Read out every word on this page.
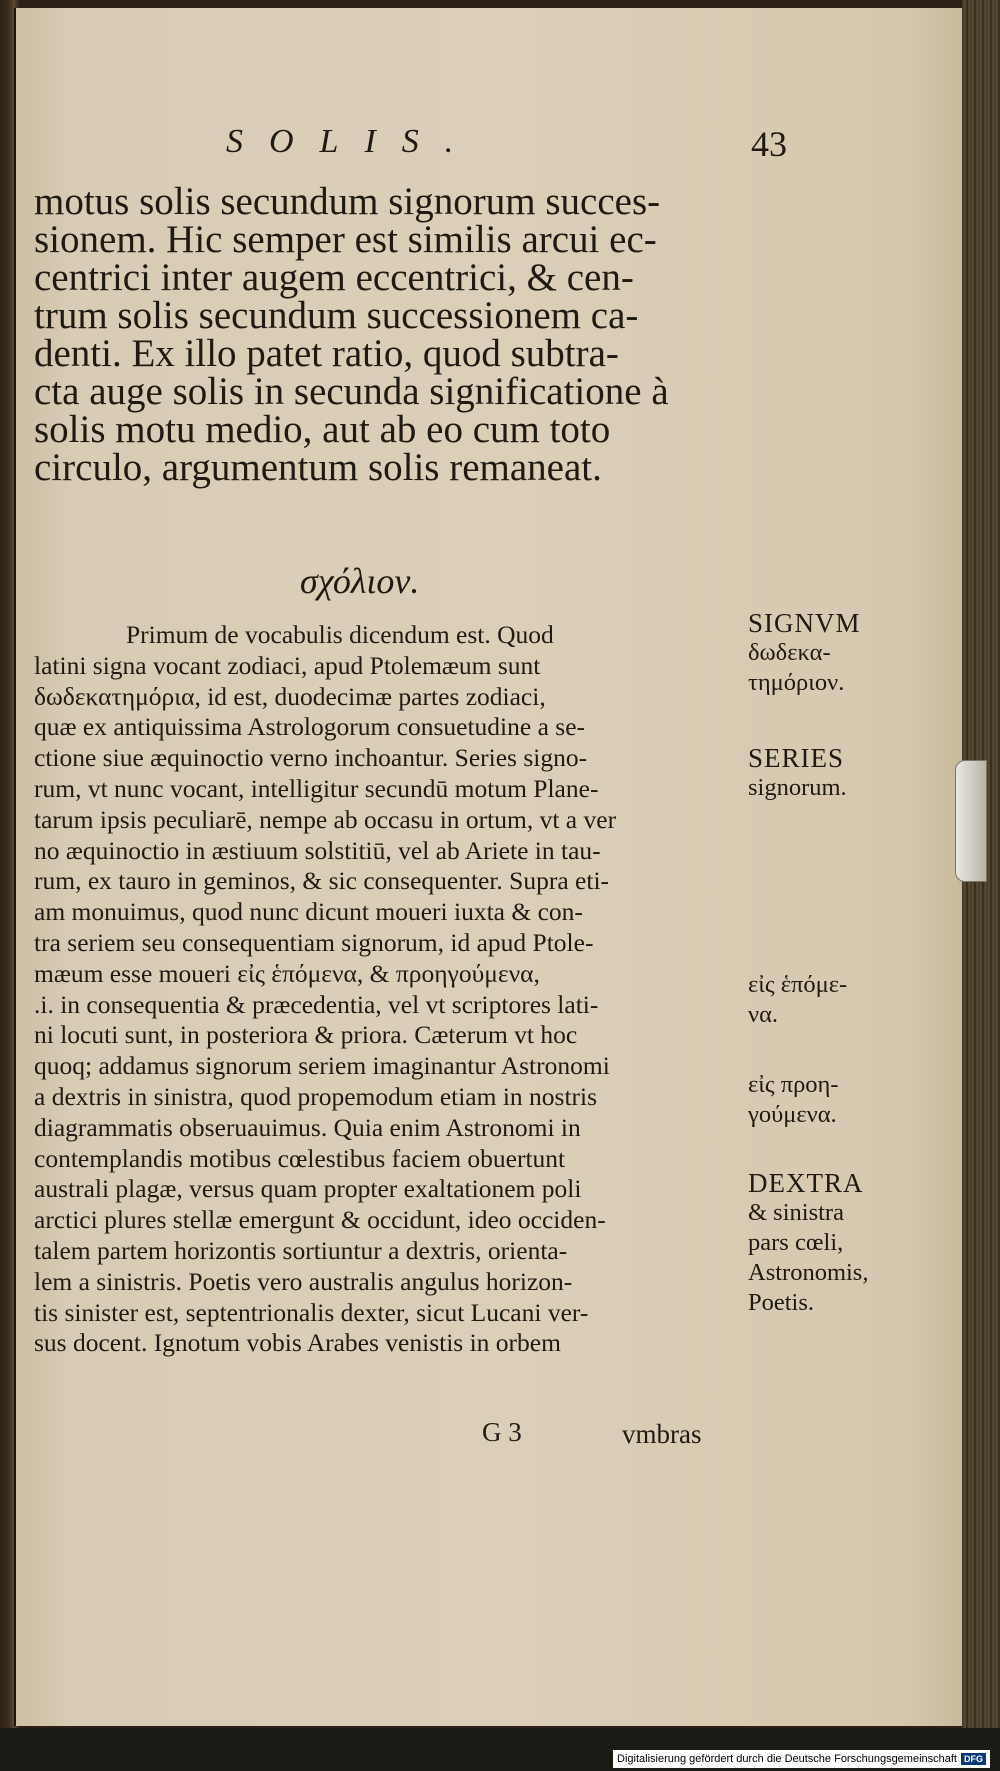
SOLIS.	43
motus solis secundum signorum succes-
sionem. Hic semper est similis arcui ec-
centrici inter augem eccentrici, & cen-
trum solis secundum successionem ca-
denti. Ex illo patet ratio, quod subtra-
cta auge solis in secunda significatione à
solis motu medio, aut ab eo cum toto
circulo, argumentum solis remaneat.
σχόλιον.
Primum de vocabulis dicendum est. Quod
latini signa vocant zodiaci, apud Ptolemæum sunt
δωδεκατημόρια, id est, duodecimæ partes zodiaci,
quæ ex antiquissima Astrologorum consuetudine a se-
ctione siue æquinoctio verno inchoantur. Series signo-
rum, vt nunc vocant, intelligitur secundū motum Plane-
tarum ipsis peculiarē, nempe ab occasu in ortum, vt a ver
no æquinoctio in æstiuum solstitiū, vel ab Ariete in tau-
rum, ex tauro in geminos, & sic consequenter. Supra eti-
am monuimus, quod nunc dicunt moueri iuxta & con-
tra seriem seu consequentiam signorum, id apud Ptole-
mæum esse moueri εἰς ἑπόμενα, & προηγούμενα,
.i. in consequentia & præcedentia, vel vt scriptores lati-
ni locuti sunt, in posteriora & priora. Cæterum vt hoc
quoq; addamus signorum seriem imaginantur Astronomi
a dextris in sinistra, quod propemodum etiam in nostris
diagrammatis obseruauimus. Quia enim Astronomi in
contemplandis motibus cœlestibus faciem obuertunt
australi plagæ, versus quam propter exaltationem poli
arctici plures stellæ emergunt & occidunt, ideo occiden-
talem partem horizontis sortiuntur a dextris, orienta-
lem a sinistris. Poetis vero australis angulus horizon-
tis sinister est, septentrionalis dexter, sicut Lucani ver-
sus docent. Ignotum vobis Arabes venistis in orbem
G 3	vmbras
SIGNVM
δωδεκα-
τημόριον.
SERIES
signorum.
εἰς ἑπόμε-
να.
εἰς προη-
γούμενα.
DEXTRA
& sinistra
pars cœli,
Astronomis,
Poetis.
Digitalisierung gefördert durch die Deutsche Forschungsgemeinschaft DFG
